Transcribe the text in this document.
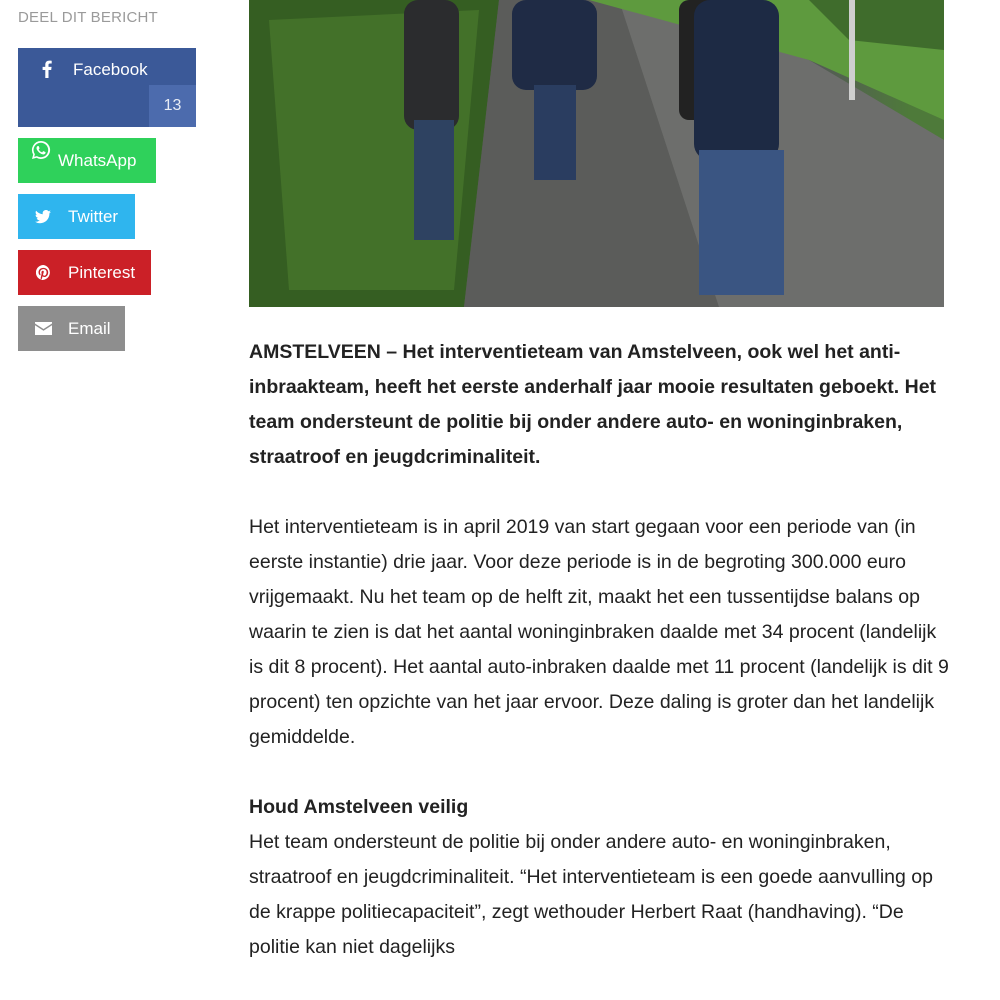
DEEL DIT BERICHT
Facebook
13
WhatsApp
Twitter
Pinterest
Email

AMSTELVEEN – Het interventieteam van Amstelveen, ook wel het anti-inbraakteam, heeft het eerste anderhalf jaar mooie resultaten geboekt. Het team ondersteunt de politie bij onder andere auto- en woninginbraken, straatroof en jeugdcriminaliteit.

Het interventieteam is in april 2019 van start gegaan voor een periode van (in eerste instantie) drie jaar. Voor deze periode is in de begroting 300.000 euro vrijgemaakt. Nu het team op de helft zit, maakt het een tussentijdse balans op waarin te zien is dat het aantal woninginbraken daalde met 34 procent (landelijk is dit 8 procent). Het aantal auto-inbraken daalde met 11 procent (landelijk is dit 9 procent) ten opzichte van het jaar ervoor. Deze daling is groter dan het landelijk gemiddelde.

Houd Amstelveen veilig

Het team ondersteunt de politie bij onder andere auto- en woninginbraken, straatroof en jeugdcriminaliteit. “Het interventieteam is een goede aanvulling op de krappe politiecapaciteit”, zegt wethouder Herbert Raat (handhaving). “De politie kan niet dagelijks
